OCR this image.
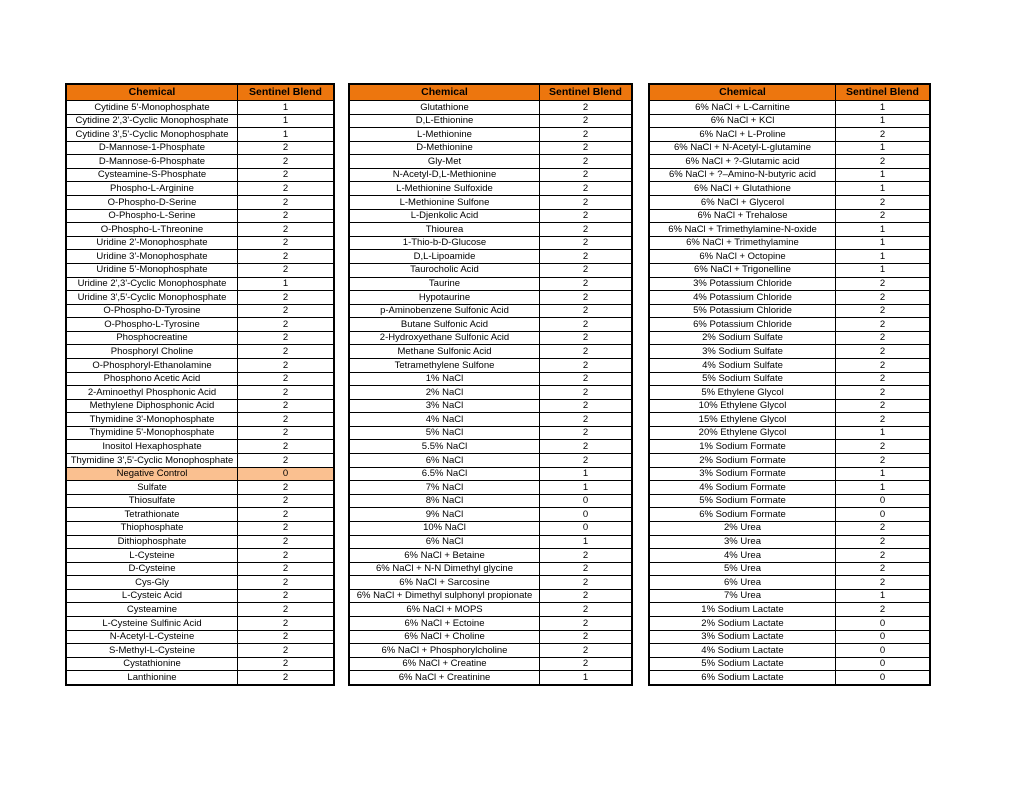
Chemical	Sentinel Blend
Cytidine 5'-Monophosphate	1
Cytidine 2',3'-Cyclic Monophosphate	1
Cytidine 3',5'-Cyclic Monophosphate	1
D-Mannose-1-Phosphate	2
D-Mannose-6-Phosphate	2
Cysteamine-S-Phosphate	2
Phospho-L-Arginine	2
O-Phospho-D-Serine	2
O-Phospho-L-Serine	2
O-Phospho-L-Threonine	2
Uridine 2'-Monophosphate	2
Uridine 3'-Monophosphate	2
Uridine 5'-Monophosphate	2
Uridine 2',3'-Cyclic Monophosphate	1
Uridine 3',5'-Cyclic Monophosphate	2
O-Phospho-D-Tyrosine	2
O-Phospho-L-Tyrosine	2
Phosphocreatine	2
Phosphoryl Choline	2
O-Phosphoryl-Ethanolamine	2
Phosphono Acetic Acid	2
2-Aminoethyl Phosphonic Acid	2
Methylene Diphosphonic Acid	2
Thymidine 3'-Monophosphate	2
Thymidine 5'-Monophosphate	2
Inositol Hexaphosphate	2
Thymidine 3',5'-Cyclic Monophosphate	2
Negative Control	0
Sulfate	2
Thiosulfate	2
Tetrathionate	2
Thiophosphate	2
Dithiophosphate	2
L-Cysteine	2
D-Cysteine	2
Cys-Gly	2
L-Cysteic Acid	2
Cysteamine	2
L-Cysteine Sulfinic Acid	2
N-Acetyl-L-Cysteine	2
S-Methyl-L-Cysteine	2
Cystathionine	2
Lanthionine	2
Chemical	Sentinel Blend
Glutathione	2
D,L-Ethionine	2
L-Methionine	2
D-Methionine	2
Gly-Met	2
N-Acetyl-D,L-Methionine	2
L-Methionine Sulfoxide	2
L-Methionine Sulfone	2
L-Djenkolic Acid	2
Thiourea	2
1-Thio-b-D-Glucose	2
D,L-Lipoamide	2
Taurocholic Acid	2
Taurine	2
Hypotaurine	2
p-Aminobenzene Sulfonic Acid	2
Butane Sulfonic Acid	2
2-Hydroxyethane Sulfonic Acid	2
Methane Sulfonic Acid	2
Tetramethylene Sulfone	2
1% NaCl	2
2% NaCl	2
3% NaCl	2
4% NaCl	2
5% NaCl	2
5.5% NaCl	2
6% NaCl	2
6.5% NaCl	1
7% NaCl	1
8% NaCl	0
9% NaCl	0
10% NaCl	0
6% NaCl	1
6% NaCl + Betaine	2
6% NaCl + N-N Dimethyl glycine	2
6% NaCl + Sarcosine	2
6% NaCl + Dimethyl sulphonyl propionate	2
6% NaCl + MOPS	2
6% NaCl + Ectoine	2
6% NaCl + Choline	2
6% NaCl + Phosphorylcholine	2
6% NaCl + Creatine	2
6% NaCl + Creatinine	1
Chemical	Sentinel Blend
6% NaCl + L-Carnitine	1
6% NaCl + KCl	1
6% NaCl + L-Proline	2
6% NaCl + N-Acetyl-L-glutamine	1
6% NaCl + ?-Glutamic acid	2
6% NaCl + ?–Amino-N-butyric acid	1
6% NaCl + Glutathione	1
6% NaCl + Glycerol	2
6% NaCl + Trehalose	2
6% NaCl + Trimethylamine-N-oxide	1
6% NaCl + Trimethylamine	1
6% NaCl + Octopine	1
6% NaCl + Trigonelline	1
3% Potassium Chloride	2
4% Potassium Chloride	2
5% Potassium Chloride	2
6% Potassium Chloride	2
2% Sodium Sulfate	2
3% Sodium Sulfate	2
4% Sodium Sulfate	2
5% Sodium Sulfate	2
5% Ethylene Glycol	2
10% Ethylene Glycol	2
15% Ethylene Glycol	2
20% Ethylene Glycol	1
1% Sodium Formate	2
2% Sodium Formate	2
3% Sodium Formate	1
4% Sodium Formate	1
5% Sodium Formate	0
6% Sodium Formate	0
2% Urea	2
3% Urea	2
4% Urea	2
5% Urea	2
6% Urea	2
7% Urea	1
1% Sodium Lactate	2
2% Sodium Lactate	0
3% Sodium Lactate	0
4% Sodium Lactate	0
5% Sodium Lactate	0
6% Sodium Lactate	0
